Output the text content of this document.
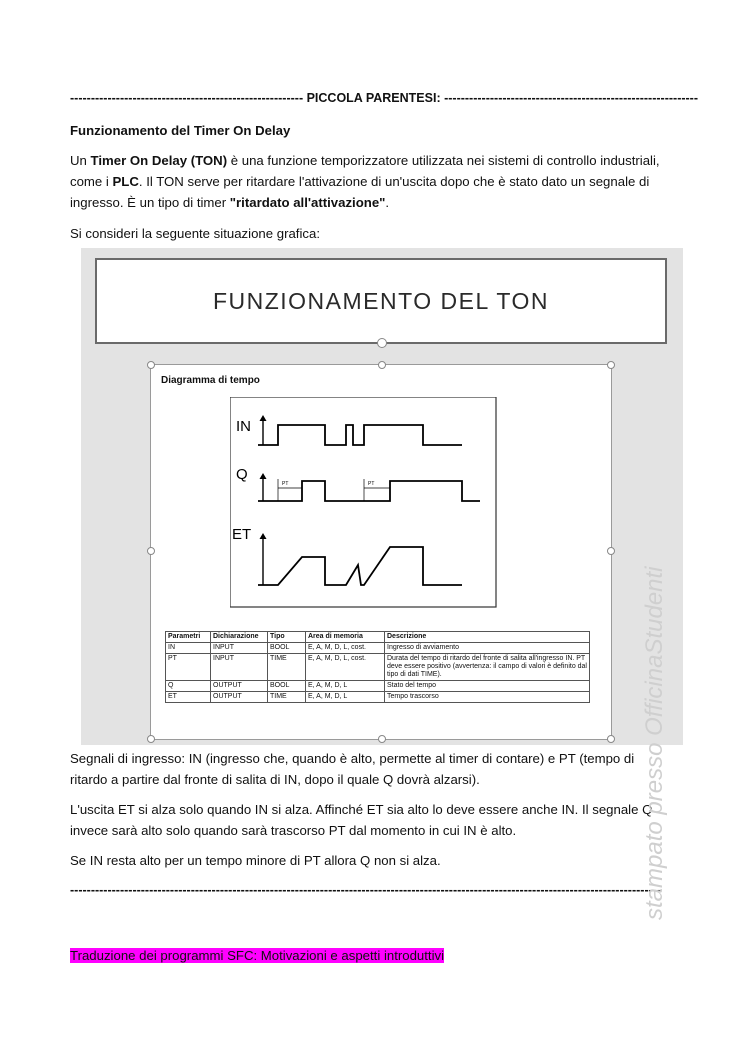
-------------------------------------------------------- PICCOLA PARENTESI: -------------------------------------------------------------
Funzionamento del Timer On Delay
Un Timer On Delay (TON) è una funzione temporizzatore utilizzata nei sistemi di controllo industriali, come i PLC. Il TON serve per ritardare l'attivazione di un'uscita dopo che è stato dato un segnale di ingresso. È un tipo di timer "ritardato all'attivazione".
Si consideri la seguente situazione grafica:
FUNZIONAMENTO DEL TON
Diagramma di tempo
IN
Q
ET
PT	PT
Parametri	Dichiarazione	Tipo	Area di memoria	Descrizione
IN	INPUT	BOOL	E, A, M, D, L, cost.	Ingresso di avviamento
PT	INPUT	TIME	E, A, M, D, L, cost.	Durata del tempo di ritardo del fronte di salita all'ingresso IN. PT deve essere positivo (avvertenza: il campo di valori è definito dal tipo di dati TIME).
Q	OUTPUT	BOOL	E, A, M, D, L	Stato del tempo
ET	OUTPUT	TIME	E, A, M, D, L	Tempo trascorso
Segnali di ingresso: IN (ingresso che, quando è alto, permette al timer di contare) e PT (tempo di ritardo a partire dal fronte di salita di IN, dopo il quale Q dovrà alzarsi).
L'uscita ET si alza solo quando IN si alza. Affinché ET sia alto lo deve essere anche IN. Il segnale Q invece sarà alto solo quando sarà trascorso PT dal momento in cui IN è alto.
Se IN resta alto per un tempo minore di PT allora Q non si alza.
----------------------------------------------------------------------------------------------------------------------------------------------
Traduzione dei programmi SFC: Motivazioni e aspetti introduttivi
stampato presso OfficinaStudenti
